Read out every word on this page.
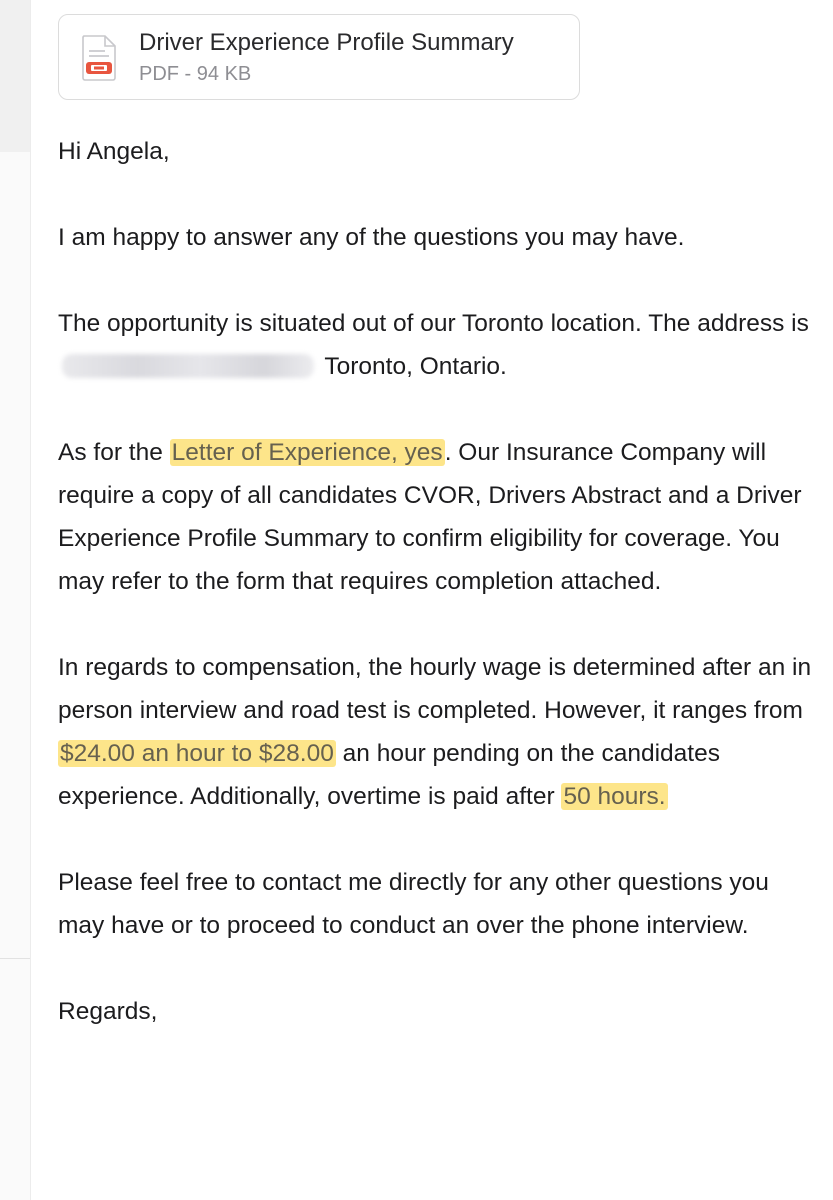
Driver Experience Profile Summary
PDF - 94 KB

Hi Angela,

I am happy to answer any of the questions you may have.

The opportunity is situated out of our Toronto location. The address is  Toronto, Ontario.

As for the Letter of Experience, yes. Our Insurance Company will require a copy of all candidates CVOR, Drivers Abstract and a Driver Experience Profile Summary to confirm eligibility for coverage. You may refer to the form that requires completion attached.

In regards to compensation, the hourly wage is determined after an in person interview and road test is completed. However, it ranges from $24.00 an hour to $28.00 an hour pending on the candidates experience. Additionally, overtime is paid after 50 hours.

Please feel free to contact me directly for any other questions you may have or to proceed to conduct an over the phone interview.

Regards,
